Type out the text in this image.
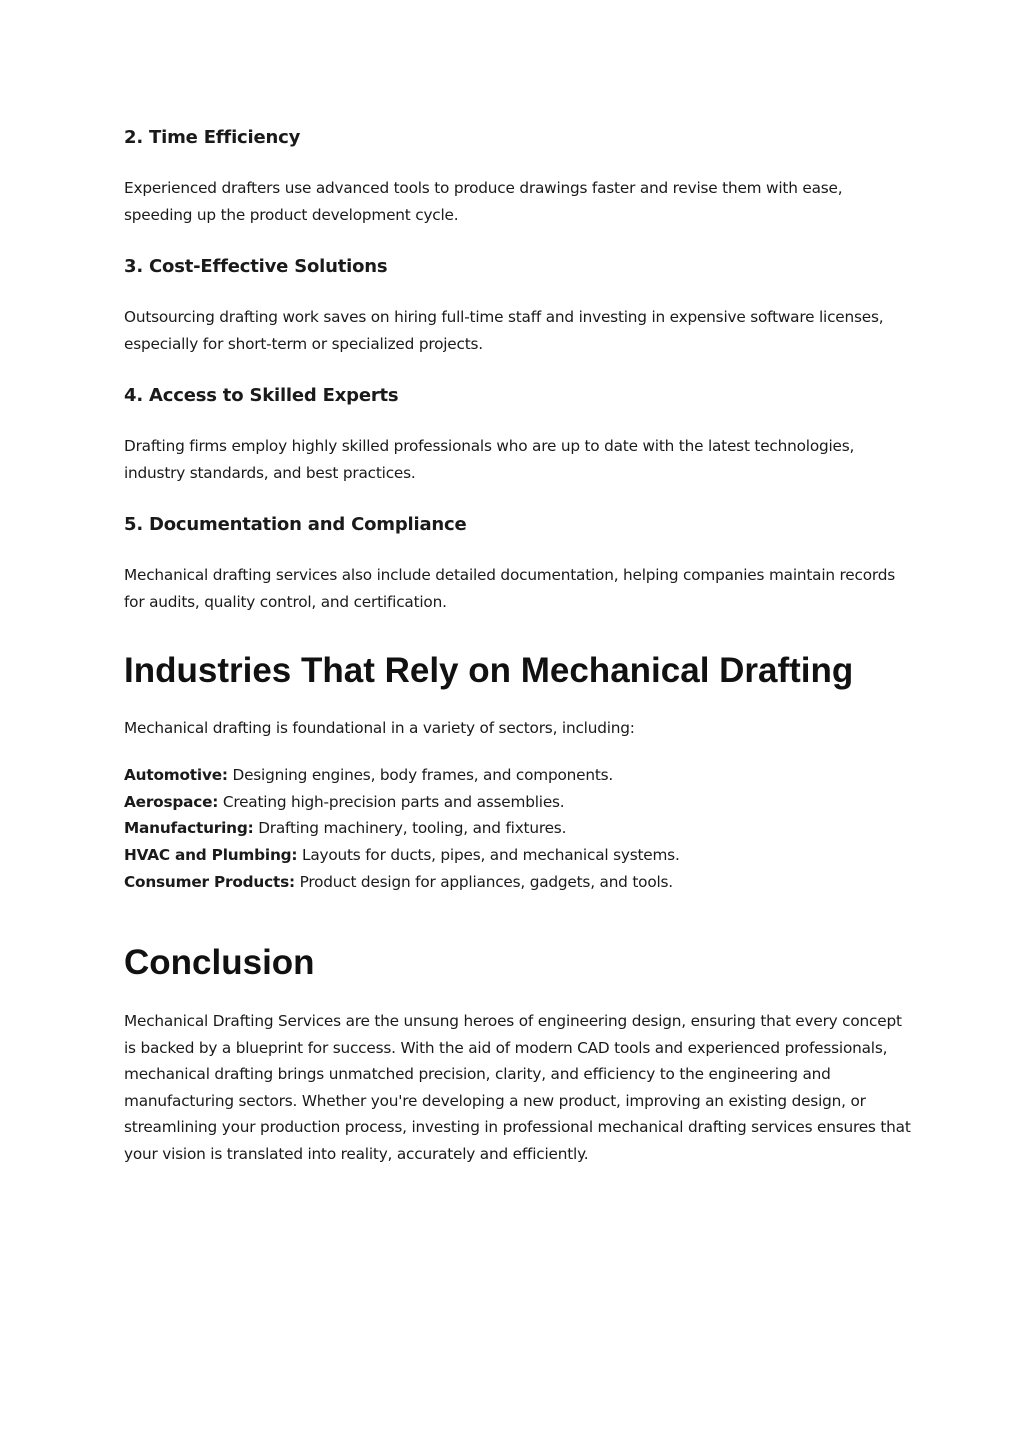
2. Time Efficiency

Experienced drafters use advanced tools to produce drawings faster and revise them with ease, speeding up the product development cycle.

3. Cost-Effective Solutions

Outsourcing drafting work saves on hiring full-time staff and investing in expensive software licenses, especially for short-term or specialized projects.

4. Access to Skilled Experts

Drafting firms employ highly skilled professionals who are up to date with the latest technologies, industry standards, and best practices.

5. Documentation and Compliance

Mechanical drafting services also include detailed documentation, helping companies maintain records for audits, quality control, and certification.

Industries That Rely on Mechanical Drafting

Mechanical drafting is foundational in a variety of sectors, including:

Automotive: Designing engines, body frames, and components.
Aerospace: Creating high-precision parts and assemblies.
Manufacturing: Drafting machinery, tooling, and fixtures.
HVAC and Plumbing: Layouts for ducts, pipes, and mechanical systems.
Consumer Products: Product design for appliances, gadgets, and tools.
Conclusion

Mechanical Drafting Services are the unsung heroes of engineering design, ensuring that every concept is backed by a blueprint for success. With the aid of modern CAD tools and experienced professionals, mechanical drafting brings unmatched precision, clarity, and efficiency to the engineering and manufacturing sectors. Whether you're developing a new product, improving an existing design, or streamlining your production process, investing in professional mechanical drafting services ensures that your vision is translated into reality, accurately and efficiently.
